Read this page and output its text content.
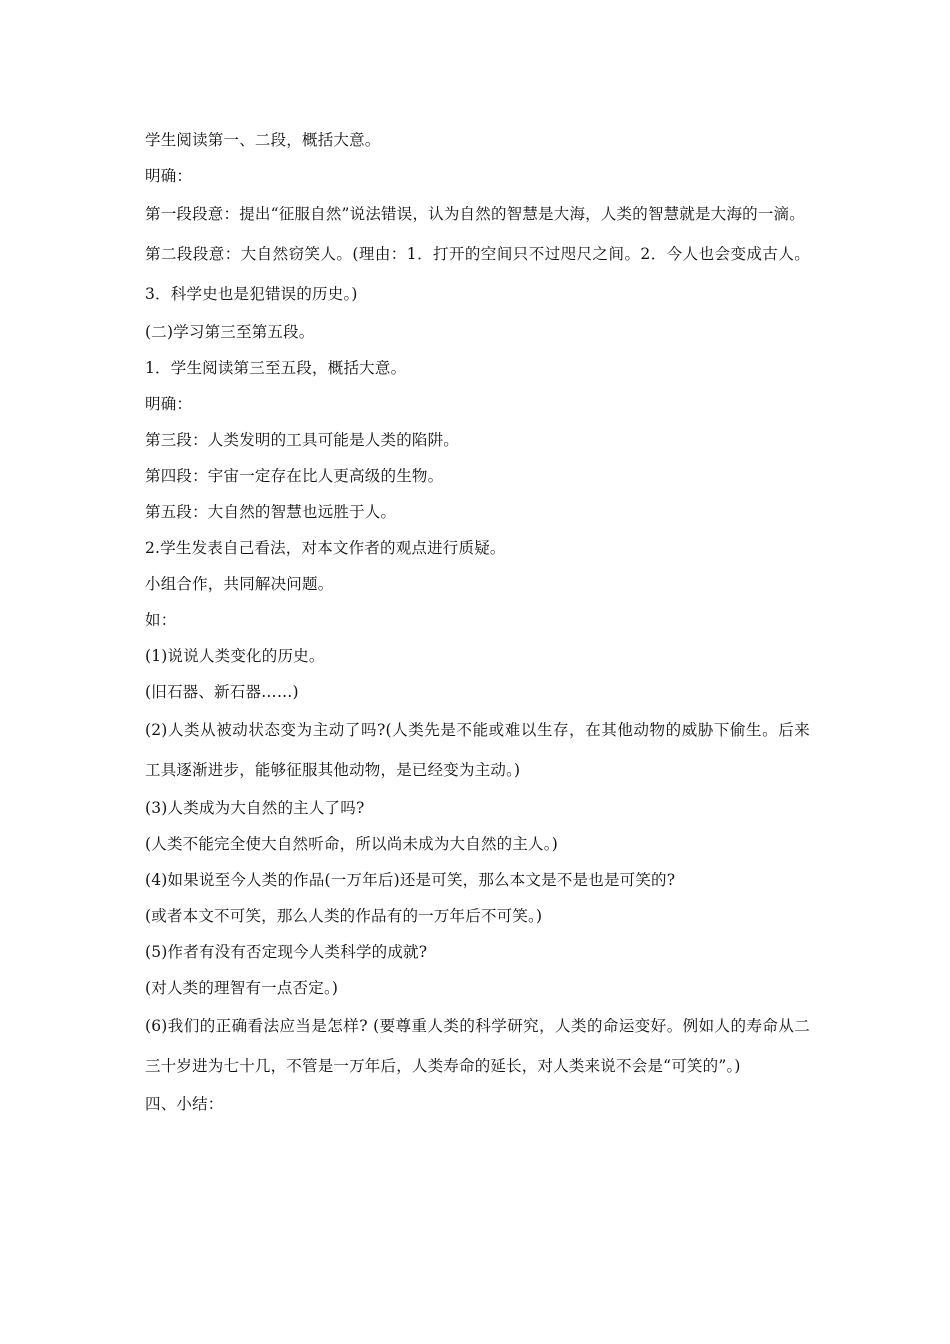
学生阅读第一、二段，概括大意。

明确：

第一段段意：提出“征服自然”说法错误，认为自然的智慧是大海，人类的智慧就是大海的一滴。

第二段段意：大自然窃笑人。(理由：1．打开的空间只不过咫尺之间。2．今人也会变成古人。3．科学史也是犯错误的历史。)

(二)学习第三至第五段。

1．学生阅读第三至五段，概括大意。

明确：

第三段：人类发明的工具可能是人类的陷阱。

第四段：宇宙一定存在比人更高级的生物。

第五段：大自然的智慧也远胜于人。

2.学生发表自己看法，对本文作者的观点进行质疑。

小组合作，共同解决问题。

如：

(1)说说人类变化的历史。

(旧石器、新石器……)

(2)人类从被动状态变为主动了吗?(人类先是不能或难以生存，在其他动物的威胁下偷生。后来工具逐渐进步，能够征服其他动物，是已经变为主动。)

(3)人类成为大自然的主人了吗?

(人类不能完全使大自然听命，所以尚未成为大自然的主人。)

(4)如果说至今人类的作品(一万年后)还是可笑，那么本文是不是也是可笑的?

(或者本文不可笑，那么人类的作品有的一万年后不可笑。)

(5)作者有没有否定现今人类科学的成就?

(对人类的理智有一点否定。)

(6)我们的正确看法应当是怎样? (要尊重人类的科学研究，人类的命运变好。例如人的寿命从二三十岁进为七十几，不管是一万年后，人类寿命的延长，对人类来说不会是“可笑的”。)

四、小结：
